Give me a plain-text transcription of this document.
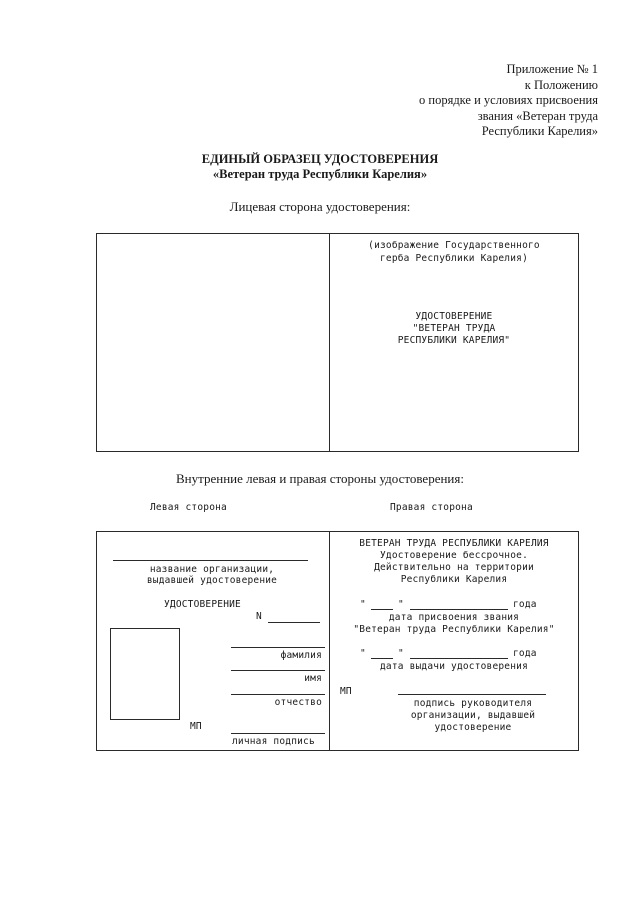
Приложение № 1
к Положению
о порядке и условиях присвоения
звания «Ветеран труда
Республики Карелия»
ЕДИНЫЙ ОБРАЗЕЦ УДОСТОВЕРЕНИЯ
«Ветеран труда Республики Карелия»
Лицевая сторона удостоверения:
(изображение Государственного
герба Республики Карелия)
УДОСТОВЕРЕНИЕ
"ВЕТЕРАН ТРУДА
РЕСПУБЛИКИ КАРЕЛИЯ"
Внутренние левая и правая стороны удостоверения:
Левая сторона	Правая сторона
название организации,
выдавшей удостоверение
УДОСТОВЕРЕНИЕ
N
фамилия
имя
отчество
МП
личная подпись
ВЕТЕРАН ТРУДА РЕСПУБЛИКИ КАРЕЛИЯ
Удостоверение бессрочное.
Действительно на территории
Республики Карелия
"	"	года
дата присвоения звания
"Ветеран труда Республики Карелия"
"	"	года
дата выдачи удостоверения
МП
подпись руководителя
организации, выдавшей
удостоверение
